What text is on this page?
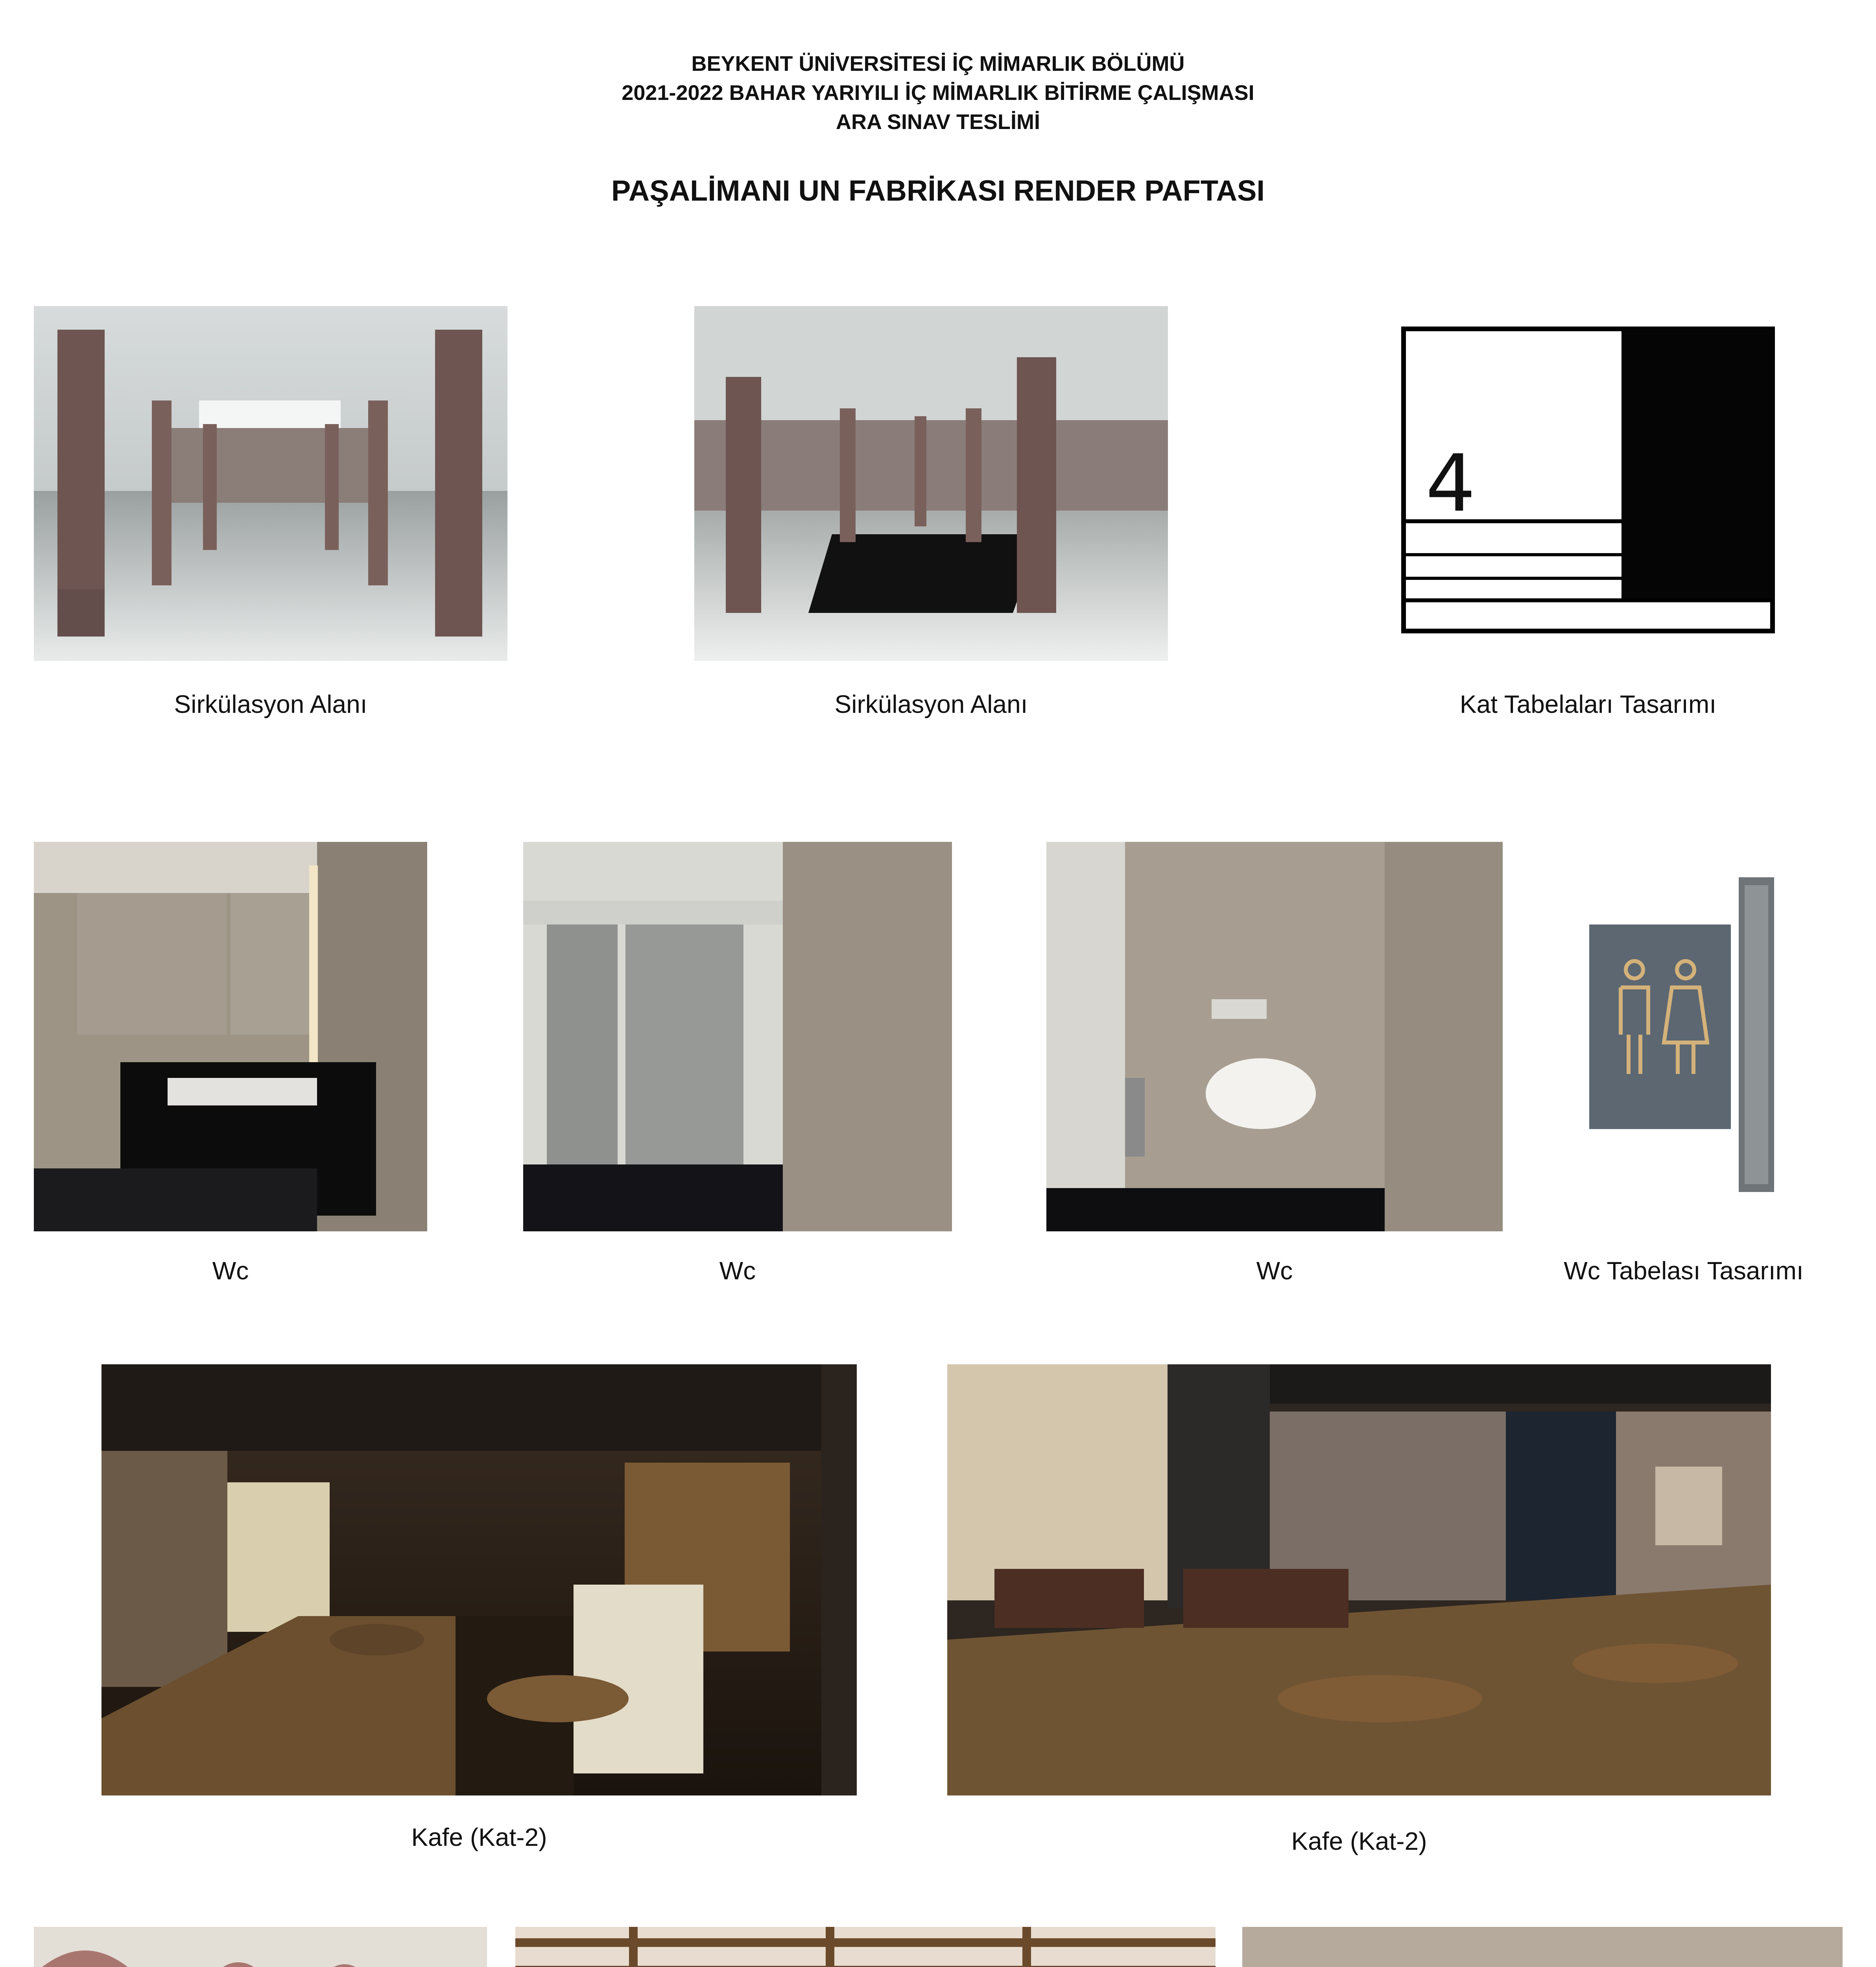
BEYKENT ÜNİVERSİTESİ İÇ MİMARLIK BÖLÜMÜ
2021-2022 BAHAR YARIYILI İÇ MİMARLIK BİTİRME ÇALIŞMASI
ARA SINAV TESLİMİ
PAŞALİMANI UN FABRİKASI RENDER PAFTASI
Sirkülasyon Alanı	Sirkülasyon Alanı
4
Kat Tabelaları Tasarımı
Wc	Wc	Wc	Wc Tabelası Tasarımı
Kafe (Kat-2)	Kafe (Kat-2)
